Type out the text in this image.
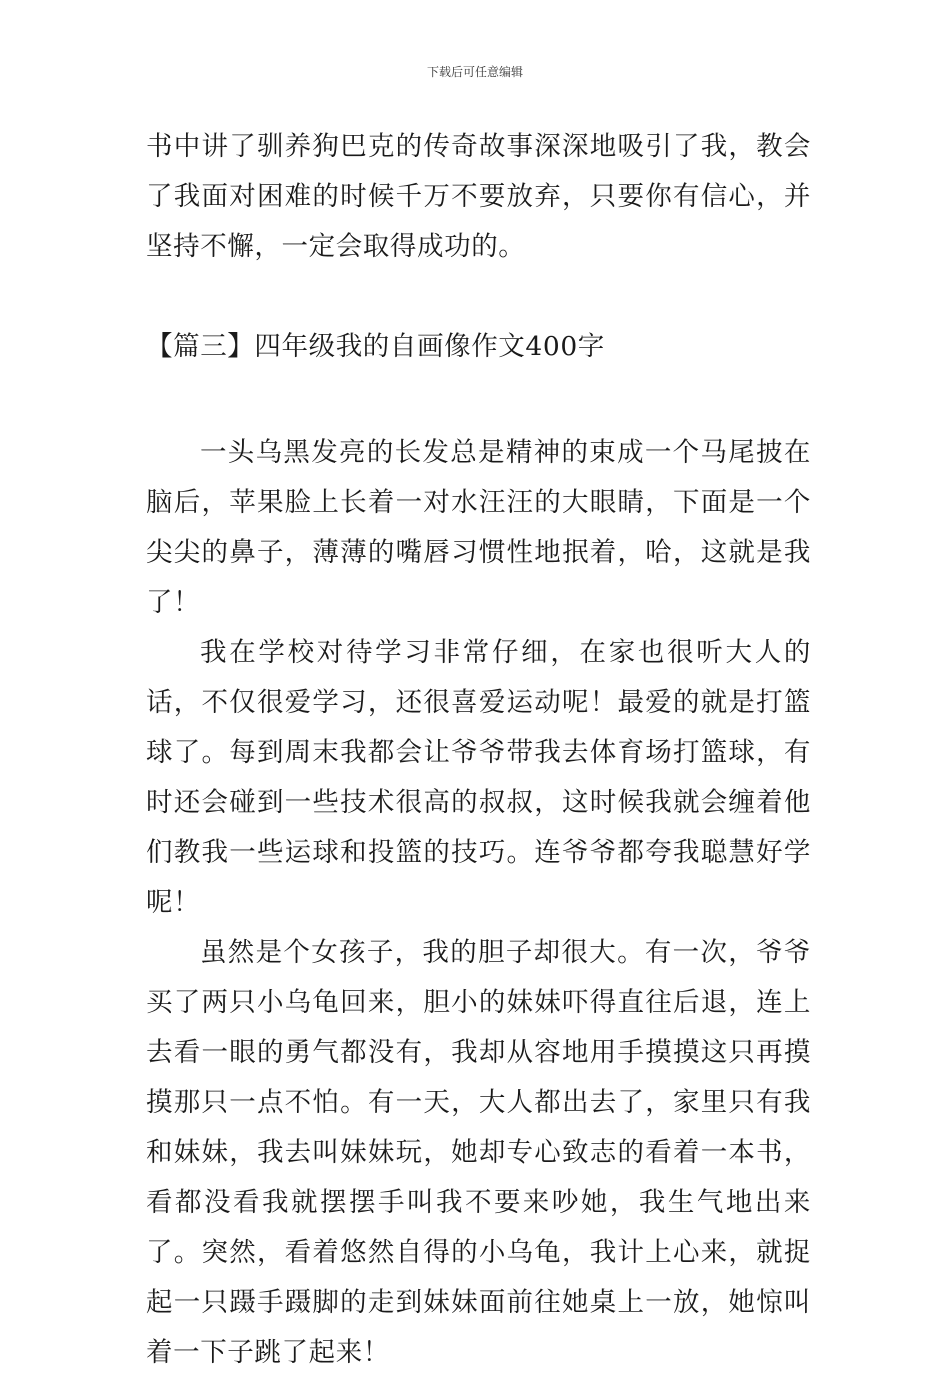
下载后可任意编辑

书中讲了驯养狗巴克的传奇故事深深地吸引了我，教会了我面对困难的时候千万不要放弃，只要你有信心，并坚持不懈，一定会取得成功的。

【篇三】四年级我的自画像作文400字

一头乌黑发亮的长发总是精神的束成一个马尾披在脑后，苹果脸上长着一对水汪汪的大眼睛，下面是一个尖尖的鼻子，薄薄的嘴唇习惯性地抿着，哈，这就是我了！

我在学校对待学习非常仔细，在家也很听大人的话，不仅很爱学习，还很喜爱运动呢！最爱的就是打篮球了。每到周末我都会让爷爷带我去体育场打篮球，有时还会碰到一些技术很高的叔叔，这时候我就会缠着他们教我一些运球和投篮的技巧。连爷爷都夸我聪慧好学呢！

虽然是个女孩子，我的胆子却很大。有一次，爷爷买了两只小乌龟回来，胆小的妹妹吓得直往后退，连上去看一眼的勇气都没有，我却从容地用手摸摸这只再摸摸那只一点不怕。有一天，大人都出去了，家里只有我和妹妹，我去叫妹妹玩，她却专心致志的看着一本书，看都没看我就摆摆手叫我不要来吵她，我生气地出来了。突然，看着悠然自得的小乌龟，我计上心来，就捉起一只蹑手蹑脚的走到妹妹面前往她桌上一放，她惊叫着一下子跳了起来！
